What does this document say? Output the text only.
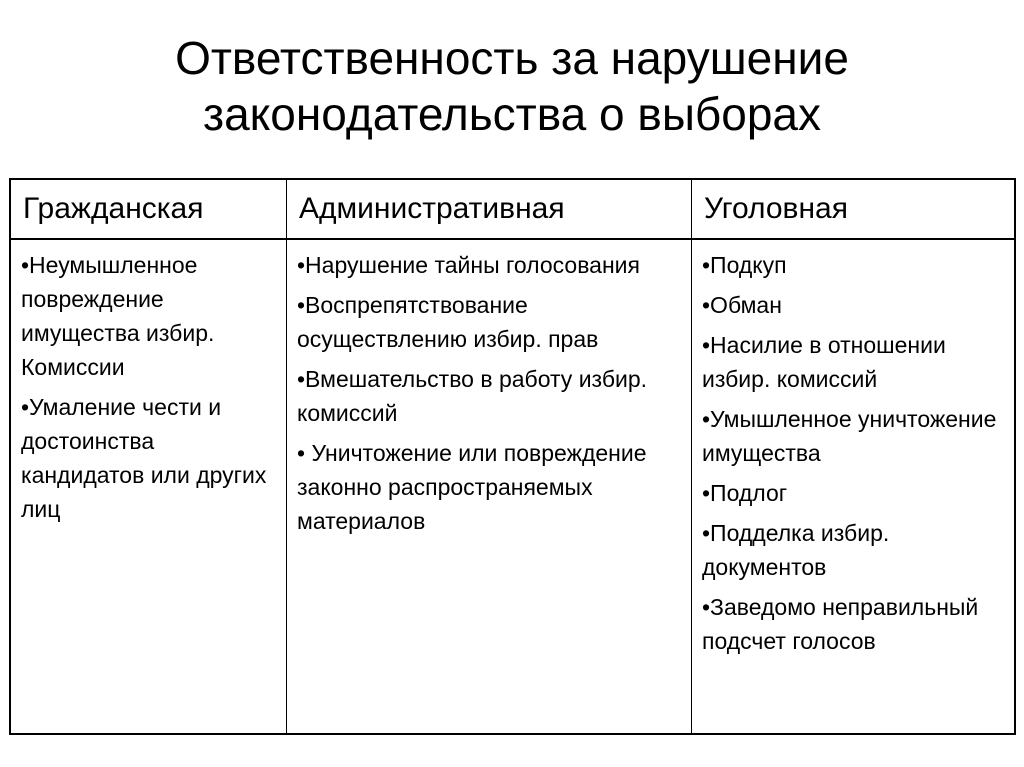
Ответственность за нарушение
законодательства о выборах
Гражданская	Административная	Уголовная
•Неумышленное повреждение имущества избир. Комиссии
•Умаление чести и достоинства кандидатов или других лиц
•Нарушение тайны голосования
•Воспрепятствование осуществлению избир. прав
•Вмешательство в работу избир. комиссий
• Уничтожение или повреждение законно распространяемых материалов
•Подкуп
•Обман
•Насилие в отношении избир. комиссий
•Умышленное уничтожение имущества
•Подлог
•Подделка избир. документов
•Заведомо неправильный подсчет голосов
